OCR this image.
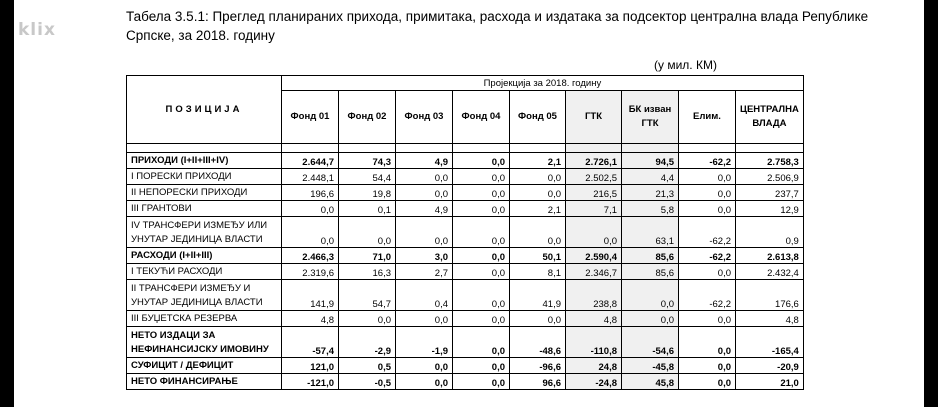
klix
Табела 3.5.1: Преглед планираних прихода, примитака, расхода и издатака за подсектор централна влада Републике Српске, за 2018. годину
(у мил. КМ)
ПОЗИЦИЈА	Пројекција за 2018. годину								
	Фонд 01	Фонд 02	Фонд 03	Фонд 04	Фонд 05	ГТК	БК изван ГТК	Елим.	ЦЕНТРАЛНА ВЛАДА

ПРИХОДИ (I+II+III+IV)	2.644,7	74,3	4,9	0,0	2,1	2.726,1	94,5	-62,2	2.758,3
I ПОРЕСКИ ПРИХОДИ	2.448,1	54,4	0,0	0,0	0,0	2.502,5	4,4	0,0	2.506,9
II НЕПОРЕСКИ ПРИХОДИ	196,6	19,8	0,0	0,0	0,0	216,5	21,3	0,0	237,7
III ГРАНТОВИ	0,0	0,1	4,9	0,0	2,1	7,1	5,8	0,0	12,9
IV ТРАНСФЕРИ ИЗМЕЂУ ИЛИ УНУТАР ЈЕДИНИЦА ВЛАСТИ	0,0	0,0	0,0	0,0	0,0	0,0	63,1	-62,2	0,9
РАСХОДИ (I+II+III)	2.466,3	71,0	3,0	0,0	50,1	2.590,4	85,6	-62,2	2.613,8
I ТЕКУЋИ РАСХОДИ	2.319,6	16,3	2,7	0,0	8,1	2.346,7	85,6	0,0	2.432,4
II ТРАНСФЕРИ ИЗМЕЂУ И УНУТАР ЈЕДИНИЦА ВЛАСТИ	141,9	54,7	0,4	0,0	41,9	238,8	0,0	-62,2	176,6
III БУЏЕТСКА РЕЗЕРВА	4,8	0,0	0,0	0,0	0,0	4,8	0,0	0,0	4,8
НЕТО ИЗДАЦИ ЗА НЕФИНАНСИЈСКУ ИМОВИНУ	-57,4	-2,9	-1,9	0,0	-48,6	-110,8	-54,6	0,0	-165,4
СУФИЦИТ / ДЕФИЦИТ	121,0	0,5	0,0	0,0	-96,6	24,8	-45,8	0,0	-20,9
НЕТО ФИНАНСИРАЊЕ	-121,0	-0,5	0,0	0,0	96,6	-24,8	45,8	0,0	21,0
